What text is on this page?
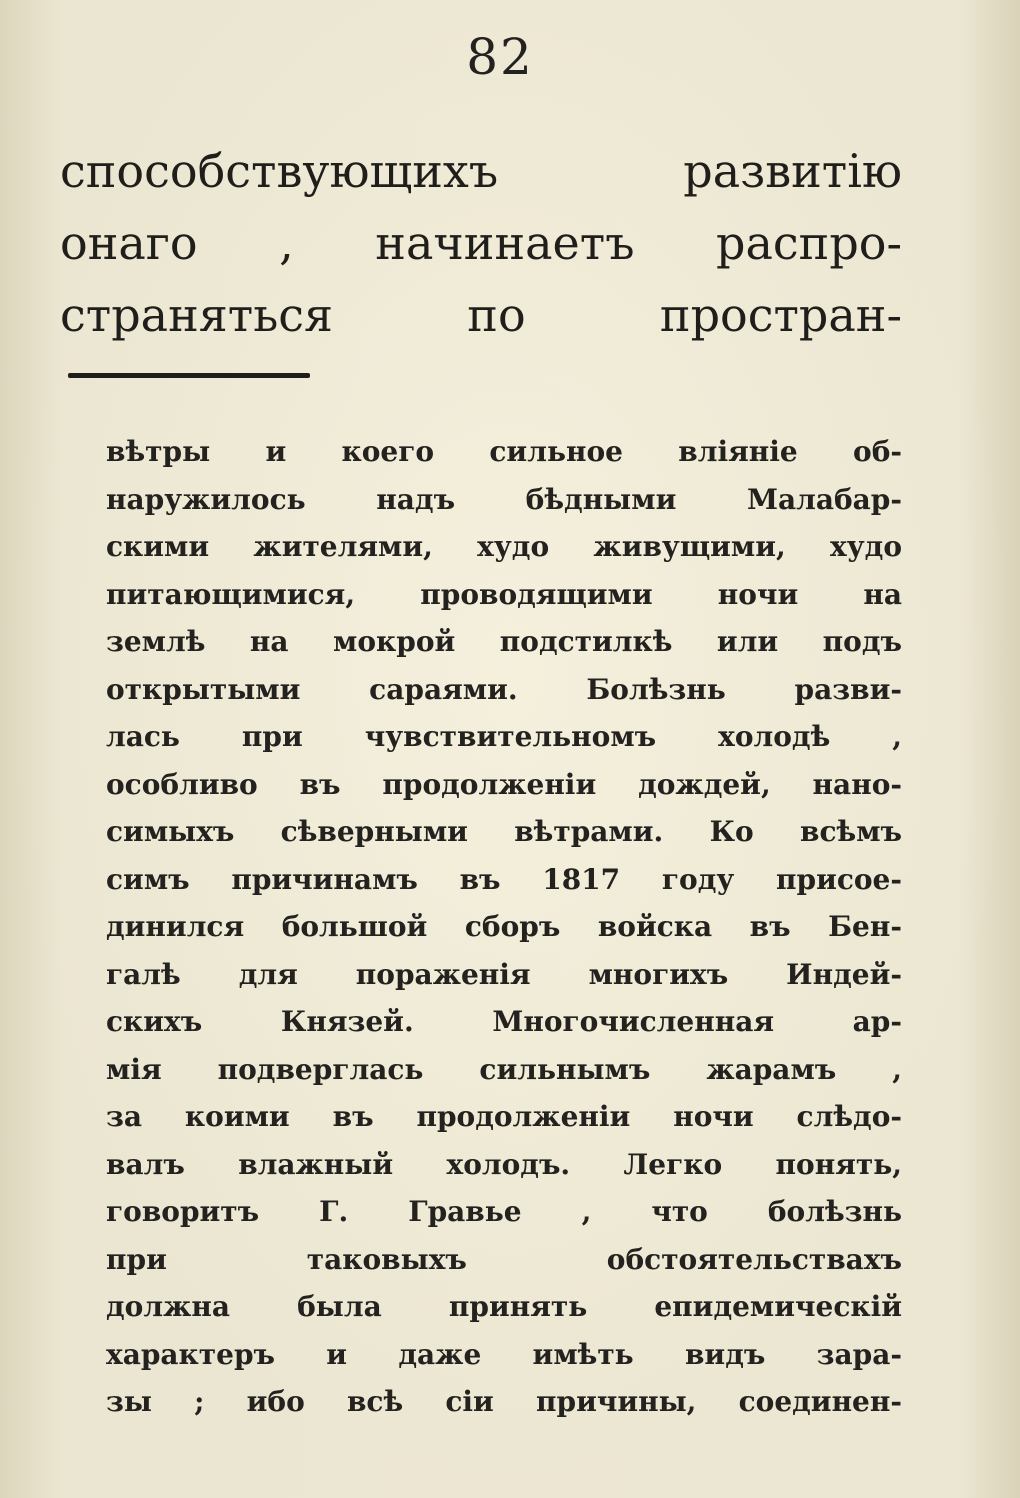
82
способствующихъ развитію
онаго , начинаетъ распро-
страняться по простран-
вѣтры и коего сильное вліяніе об-
наружилось надъ бѣдными Малабар-
скими жителями, худо живущими, худо
питающимися, проводящими ночи на
землѣ на мокрой подстилкѣ или подъ
открытыми сараями. Болѣзнь разви-
лась при чувствительномъ холодѣ ,
особливо въ продолженіи дождей, нано-
симыхъ сѣверными вѣтрами. Ко всѣмъ
симъ причинамъ въ 1817 году присое-
динился большой сборъ войска въ Бен-
галѣ для пораженія многихъ Индей-
скихъ Князей. Многочисленная ар-
мія подверглась сильнымъ жарамъ ,
за коими въ продолженіи ночи слѣдо-
валъ влажный холодъ. Легко понять,
говоритъ Г. Гравье , что болѣзнь
при таковыхъ обстоятельствахъ
должна была принять епидемическій
характеръ и даже имѣть видъ зара-
зы ; ибо всѣ сіи причины, соединен-
